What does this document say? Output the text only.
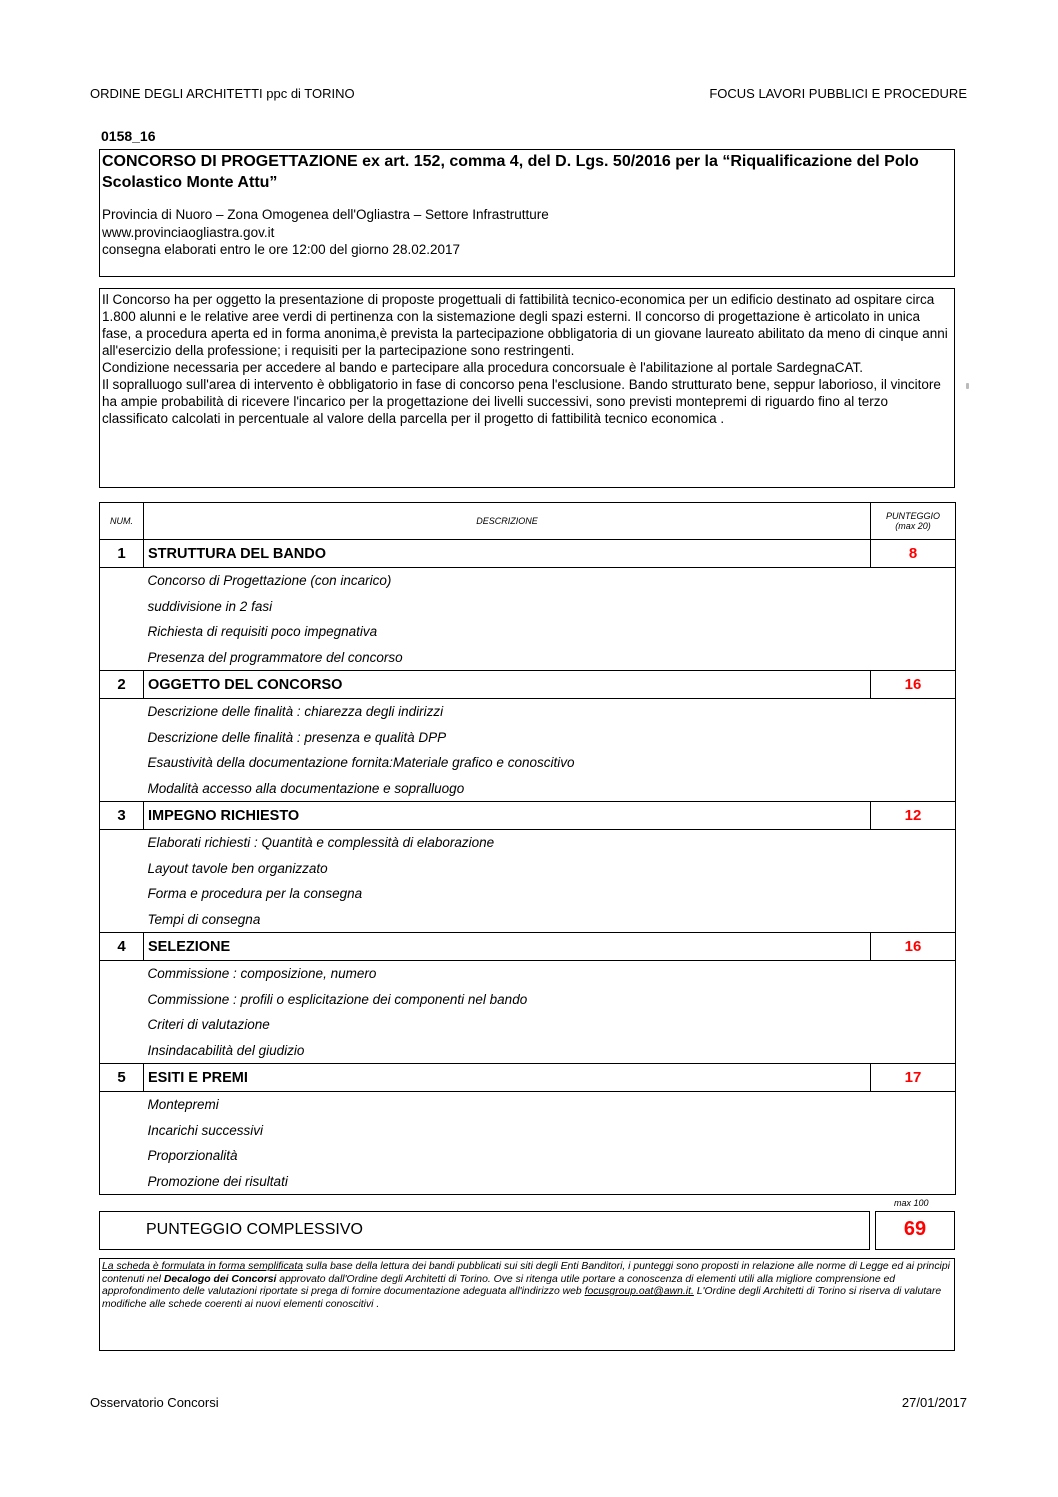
ORDINE DEGLI ARCHITETTI ppc di TORINO	FOCUS LAVORI PUBBLICI E PROCEDURE
0158_16
CONCORSO DI PROGETTAZIONE ex art. 152, comma 4, del D. Lgs. 50/2016 per la “Riqualificazione del Polo Scolastico Monte Attu”
Provincia di Nuoro – Zona Omogenea dell'Ogliastra – Settore Infrastrutture
www.provinciaogliastra.gov.it
consegna elaborati entro le ore 12:00 del giorno 28.02.2017

Il Concorso ha per oggetto la presentazione di proposte progettuali di fattibilità tecnico-economica per un edificio destinato ad ospitare circa 1.800 alunni e le relative aree verdi di pertinenza con la sistemazione degli spazi esterni. Il concorso di progettazione è articolato in unica fase, a procedura aperta ed in forma anonima,è prevista la partecipazione obbligatoria di un giovane laureato abilitato da meno di cinque anni all'esercizio della professione; i requisiti per la partecipazione sono restringenti.

Condizione necessaria per accedere al bando e partecipare alla procedura concorsuale è l'abilitazione al portale SardegnaCAT.

Il sopralluogo sull'area di intervento è obbligatorio in fase di concorso pena l'esclusione. Bando strutturato bene, seppur laborioso, il vincitore ha ampie probabilità di ricevere l'incarico per la progettazione dei livelli successivi, sono previsti montepremi di riguardo fino al terzo classificato calcolati in percentuale al valore della parcella per il progetto di fattibilità tecnico economica .

NUM.	DESCRIZIONE	PUNTEGGIO
(max 20)
1	STRUTTURA DEL BANDO	8
	Concorso di Progettazione (con incarico)	
	suddivisione in 2 fasi	
	Richiesta di requisiti poco impegnativa	
	Presenza del programmatore del concorso	
2	OGGETTO DEL CONCORSO	16
	Descrizione delle finalità : chiarezza degli indirizzi	
	Descrizione delle finalità : presenza e qualità DPP	
	Esaustività della documentazione fornita:Materiale grafico e conoscitivo	
	Modalità accesso alla documentazione e sopralluogo	
3	IMPEGNO RICHIESTO	12
	Elaborati richiesti : Quantità e complessità di elaborazione	
	Layout tavole ben organizzato	
	Forma e procedura per la consegna	
	Tempi di consegna	
4	SELEZIONE	16
	Commissione : composizione, numero	
	Commissione : profili o esplicitazione dei componenti nel bando	
	Criteri di valutazione	
	Insindacabilità del giudizio	
5	ESITI E PREMI	17
	Montepremi	
	Incarichi successivi	
	Proporzionalità	
	Promozione dei risultati	
max 100
PUNTEGGIO COMPLESSIVO	69
La scheda è formulata in forma semplificata sulla base della lettura dei bandi pubblicati sui siti degli Enti Banditori, i punteggi sono proposti in relazione alle norme di Legge ed ai principi contenuti nel Decalogo dei Concorsi approvato dall'Ordine degli Architetti di Torino. Ove si ritenga utile portare a conoscenza di elementi utili alla migliore comprensione ed approfondimento delle valutazioni riportate si prega di fornire documentazione adeguata all'indirizzo web focusgroup.oat@awn.it. L'Ordine degli Architetti di Torino si riserva di valutare modifiche alle schede coerenti ai nuovi elementi conoscitivi .
Osservatorio Concorsi	27/01/2017
